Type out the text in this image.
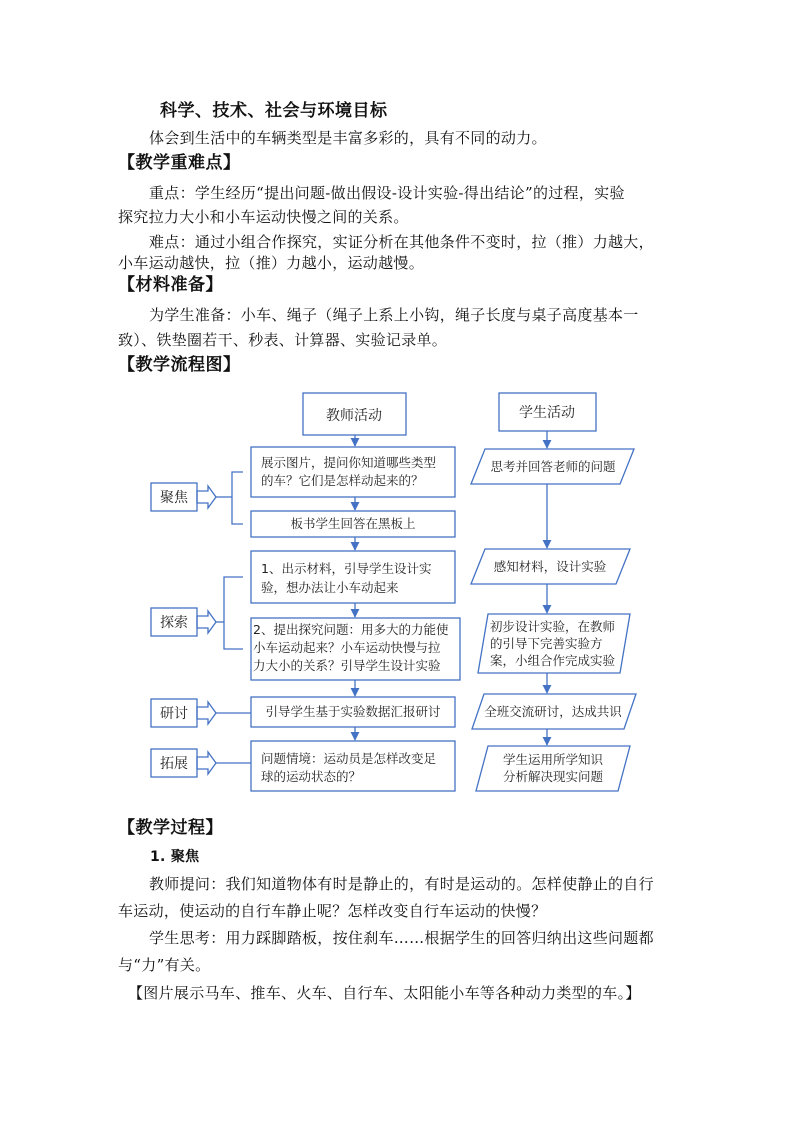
科学、技术、社会与环境目标
体会到生活中的车辆类型是丰富多彩的，具有不同的动力。
【教学重难点】
重点：学生经历“提出问题-做出假设-设计实验-得出结论”的过程，实验
探究拉力大小和小车运动快慢之间的关系。
难点：通过小组合作探究，实证分析在其他条件不变时，拉（推）力越大，
小车运动越快，拉（推）力越小，运动越慢。
【材料准备】
为学生准备：小车、绳子（绳子上系上小钩，绳子长度与桌子高度基本一
致）、铁垫圈若干、秒表、计算器、实验记录单。
【教学流程图】
教师活动	学生活动
聚焦
探索
研讨
拓展
展示图片，提问你知道哪些类型
的车？它们是怎样动起来的？
板书学生回答在黑板上
1、出示材料，引导学生设计实
验，想办法让小车动起来
2、提出探究问题：用多大的力能使
小车运动起来？小车运动快慢与拉
力大小的关系？引导学生设计实验
引导学生基于实验数据汇报研讨
问题情境：运动员是怎样改变足
球的运动状态的？
思考并回答老师的问题
感知材料，设计实验
初步设计实验，在教师
的引导下完善实验方
案，小组合作完成实验
全班交流研讨，达成共识
学生运用所学知识
分析解决现实问题
【教学过程】
1. 聚焦
教师提问：我们知道物体有时是静止的，有时是运动的。怎样使静止的自行
车运动，使运动的自行车静止呢？怎样改变自行车运动的快慢？
学生思考：用力踩脚踏板，按住刹车……根据学生的回答归纳出这些问题都
与“力”有关。
【图片展示马车、推车、火车、自行车、太阳能小车等各种动力类型的车。】
